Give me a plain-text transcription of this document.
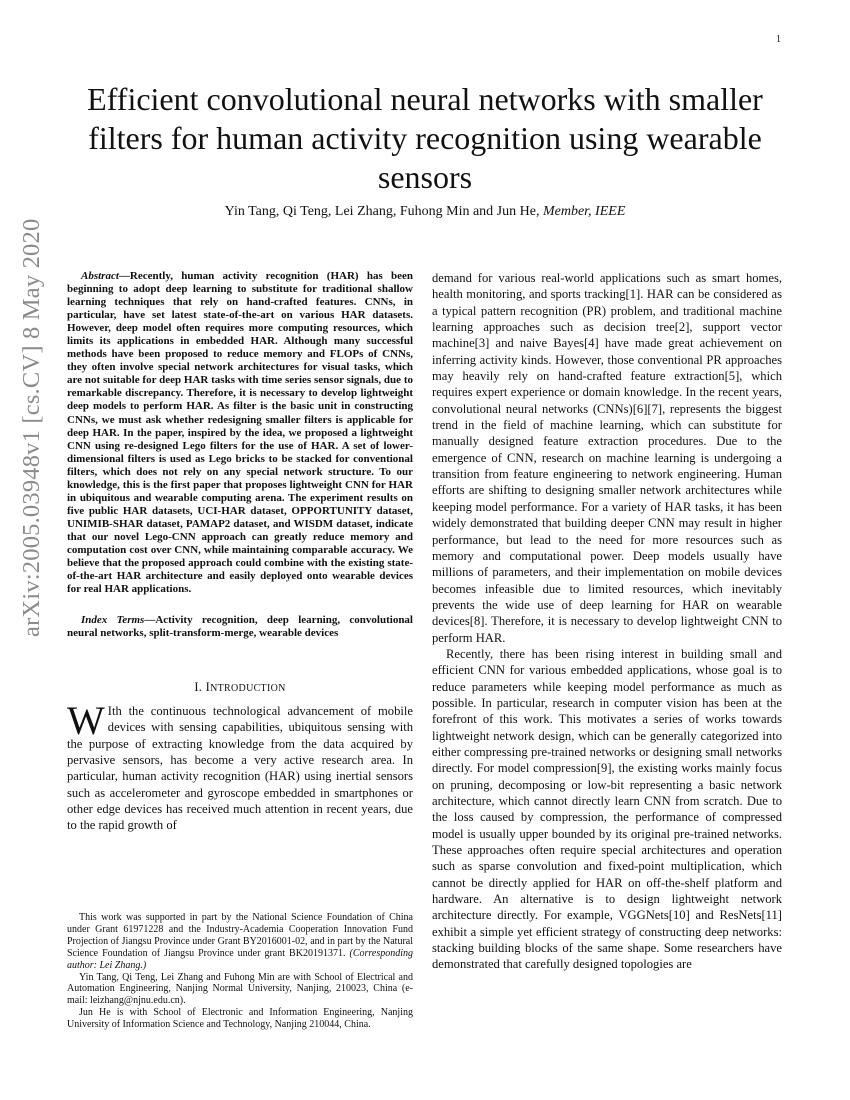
1
arXiv:2005.03948v1 [cs.CV] 8 May 2020
Efficient convolutional neural networks with smaller filters for human activity recognition using wearable sensors
Yin Tang, Qi Teng, Lei Zhang, Fuhong Min and Jun He, Member, IEEE

Abstract—Recently, human activity recognition (HAR) has been beginning to adopt deep learning to substitute for traditional shallow learning techniques that rely on hand-crafted features. CNNs, in particular, have set latest state-of-the-art on various HAR datasets. However, deep model often requires more computing resources, which limits its applications in embedded HAR. Although many successful methods have been proposed to reduce memory and FLOPs of CNNs, they often involve special network architectures for visual tasks, which are not suitable for deep HAR tasks with time series sensor signals, due to remarkable discrepancy. Therefore, it is necessary to develop lightweight deep models to perform HAR. As filter is the basic unit in constructing CNNs, we must ask whether redesigning smaller filters is applicable for deep HAR. In the paper, inspired by the idea, we proposed a lightweight CNN using re-designed Lego filters for the use of HAR. A set of lower-dimensional filters is used as Lego bricks to be stacked for conventional filters, which does not rely on any special network structure. To our knowledge, this is the first paper that proposes lightweight CNN for HAR in ubiquitous and wearable computing arena. The experiment results on five public HAR datasets, UCI-HAR dataset, OPPORTUNITY dataset, UNIMIB-SHAR dataset, PAMAP2 dataset, and WISDM dataset, indicate that our novel Lego-CNN approach can greatly reduce memory and computation cost over CNN, while maintaining comparable accuracy. We believe that the proposed approach could combine with the existing state-of-the-art HAR architecture and easily deployed onto wearable devices for real HAR applications.

Index Terms—Activity recognition, deep learning, convolutional neural networks, split-transform-merge, wearable devices

I. INTRODUCTION

W Ith the continuous technological advancement of mobile devices with sensing capabilities, ubiquitous sensing with the purpose of extracting knowledge from the data acquired by pervasive sensors, has become a very active research area. In particular, human activity recognition (HAR) using inertial sensors such as accelerometer and gyroscope embedded in smartphones or other edge devices has received much attention in recent years, due to the rapid growth of

This work was supported in part by the National Science Foundation of China under Grant 61971228 and the Industry-Academia Cooperation Innovation Fund Projection of Jiangsu Province under Grant BY2016001-02, and in part by the Natural Science Foundation of Jiangsu Province under grant BK20191371. (Corresponding author: Lei Zhang.)

Yin Tang, Qi Teng, Lei Zhang and Fuhong Min are with School of Electrical and Automation Engineering, Nanjing Normal University, Nanjing, 210023, China (e-mail: leizhang@njnu.edu.cn).

Jun He is with School of Electronic and Information Engineering, Nanjing University of Information Science and Technology, Nanjing 210044, China.

demand for various real-world applications such as smart homes, health monitoring, and sports tracking[1]. HAR can be considered as a typical pattern recognition (PR) problem, and traditional machine learning approaches such as decision tree[2], support vector machine[3] and naive Bayes[4] have made great achievement on inferring activity kinds. However, those conventional PR approaches may heavily rely on hand-crafted feature extraction[5], which requires expert experience or domain knowledge. In the recent years, convolutional neural networks (CNNs)[6][7], represents the biggest trend in the field of machine learning, which can substitute for manually designed feature extraction procedures. Due to the emergence of CNN, research on machine learning is undergoing a transition from feature engineering to network engineering. Human efforts are shifting to designing smaller network architectures while keeping model performance. For a variety of HAR tasks, it has been widely demonstrated that building deeper CNN may result in higher performance, but lead to the need for more resources such as memory and computational power. Deep models usually have millions of parameters, and their implementation on mobile devices becomes infeasible due to limited resources, which inevitably prevents the wide use of deep learning for HAR on wearable devices[8]. Therefore, it is necessary to develop lightweight CNN to perform HAR.

Recently, there has been rising interest in building small and efficient CNN for various embedded applications, whose goal is to reduce parameters while keeping model performance as much as possible. In particular, research in computer vision has been at the forefront of this work. This motivates a series of works towards lightweight network design, which can be generally categorized into either compressing pre-trained networks or designing small networks directly. For model compression[9], the existing works mainly focus on pruning, decomposing or low-bit representing a basic network architecture, which cannot directly learn CNN from scratch. Due to the loss caused by compression, the performance of compressed model is usually upper bounded by its original pre-trained networks. These approaches often require special architectures and operation such as sparse convolution and fixed-point multiplication, which cannot be directly applied for HAR on off-the-shelf platform and hardware. An alternative is to design lightweight network architecture directly. For example, VGGNets[10] and ResNets[11] exhibit a simple yet efficient strategy of constructing deep networks: stacking building blocks of the same shape. Some researchers have demonstrated that carefully designed topologies are
